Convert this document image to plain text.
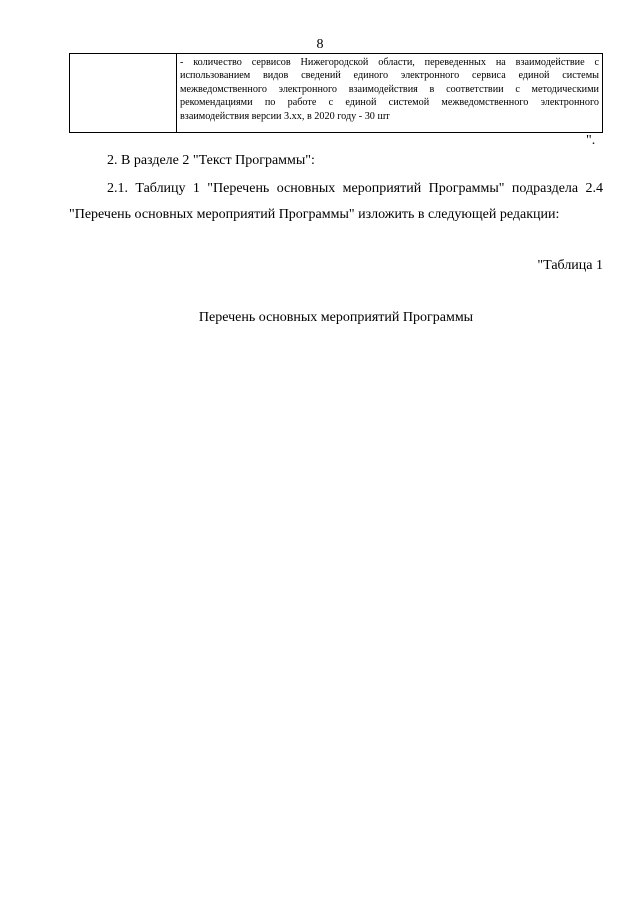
8

- количество сервисов Нижегородской области, переведенных на взаимодействие с использованием видов сведений единого электронного сервиса единой системы межведомственного электронного взаимодействия в соответствии с методическими рекомендациями по работе с единой системой межведомственного электронного взаимодействия версии 3.xx, в 2020 году - 30 шт
".
2. В разделе 2 "Текст Программы":
2.1. Таблицу 1 "Перечень основных мероприятий Программы" подраздела 2.4 "Перечень основных мероприятий Программы" изложить в следующей редакции:
"Таблица 1
Перечень основных мероприятий Программы
